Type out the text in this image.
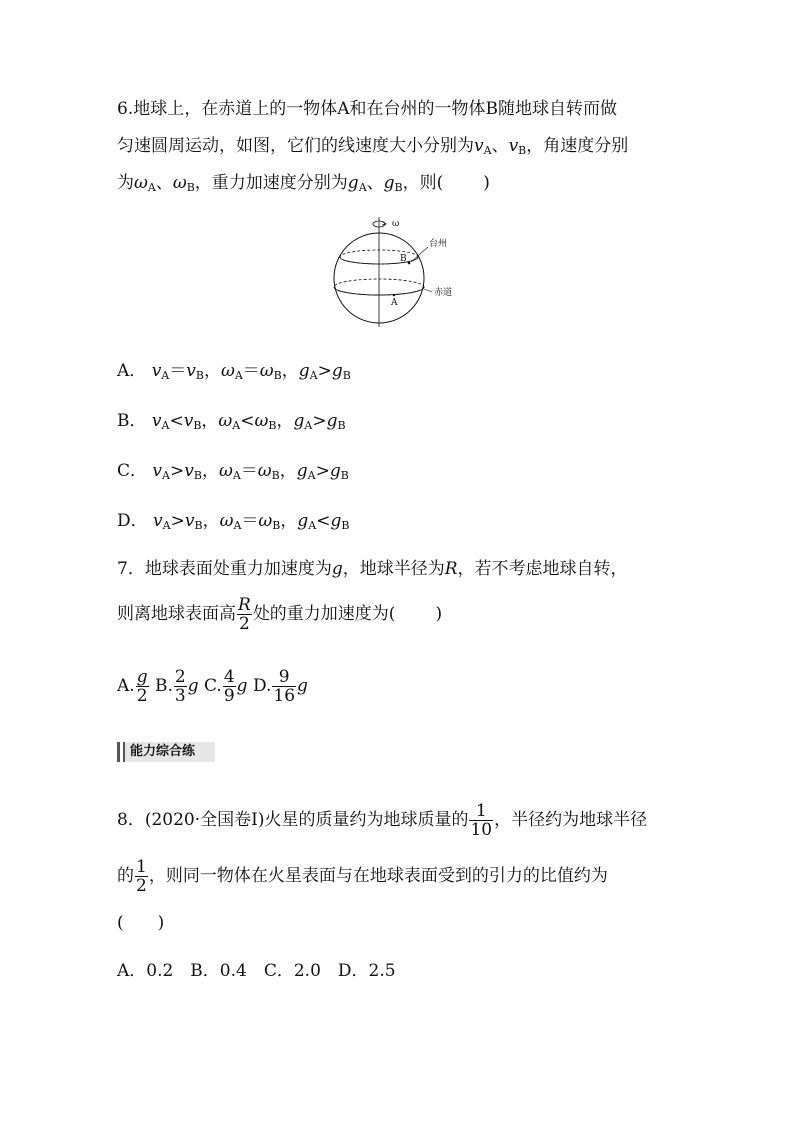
6.地球上，在赤道上的一物体A和在台州的一物体B随地球自转而做
匀速圆周运动，如图，它们的线速度大小分别为$v_A$、$v_B$，角速度分别
为$\omega_A$、$\omega_B$，重力加速度分别为$g_A$、$g_B$，则( )
ω
B
A
台州
赤道
A． $v_A=v_B$，$\omega_A=\omega_B$，$g_A>g_B$
B． $v_A<v_B$，$\omega_A<\omega_B$，$g_A>g_B$
C． $v_A>v_B$，$\omega_A=\omega_B$，$g_A>g_B$
D． $v_A>v_B$，$\omega_A=\omega_B$，$g_A<g_B$
7．地球表面处重力加速度为g，地球半径为R，若不考虑地球自转，
则离地球表面高 $\frac{R}{2}$ 处的重力加速度为( )
A. $\frac{g}{2} B$. $\frac{2}{3}$ g C. $\frac{4}{9}$ g D. $\frac{9}{16}$ g
能力综合练
8．(2020·全国卷Ⅰ)火星的质量约为地球质量的 $\frac{1}{10}$ ，半径约为地球半径
的 $\frac{1}{2}$ ，则同一物体在火星表面与在地球表面受到的引力的比值约为
(　　)
A．0.2　B．0.4　C．2.0　D．2.5
